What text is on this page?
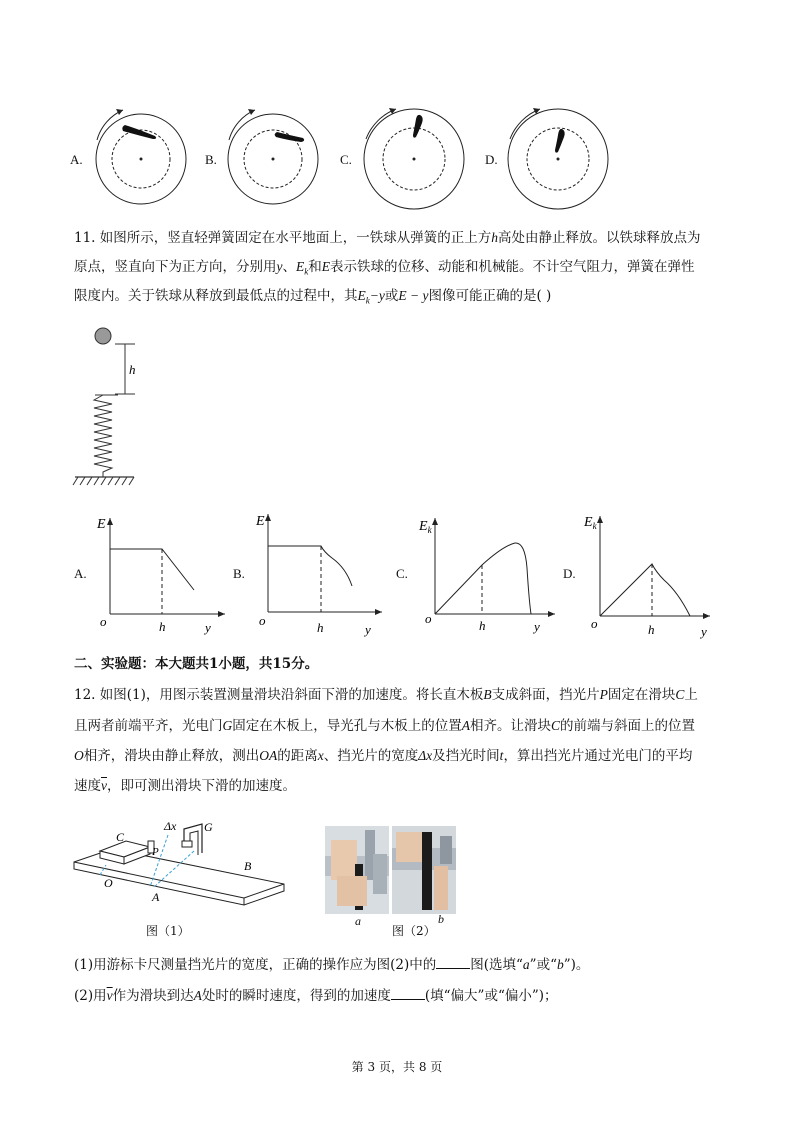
A.	B.	C.	D.
11. 如图所示，竖直轻弹簧固定在水平地面上，一铁球从弹簧的正上方h高处由静止释放。以铁球释放点为
原点，竖直向下为正方向，分别用y、$E_k$和E表示铁球的位移、动能和机械能。不计空气阻力，弹簧在弹性
限度内。关于铁球从释放到最低点的过程中，其$E_k-y$或E − y图像可能正确的是( )
h
A.
E
o	h	y
B.
E
o	h	y
C.
$E_k$
o	h	y
D.
$E_k$
o	h	y
二、实验题：本大题共1小题，共15分。
12. 如图(1)，用图示装置测量滑块沿斜面下滑的加速度。将长直木板B支成斜面，挡光片P固定在滑块C上
且两者前端平齐，光电门G固定在木板上，导光孔与木板上的位置A相齐。让滑块C的前端与斜面上的位置
O相齐，滑块由静止释放，测出OA的距离x、挡光片的宽度Δx及挡光时间t，算出挡光片通过光电门的平均
速度$\overline{v}$，即可测出滑块下滑的加速度。
C
Δx G
P
B
O
A
图（1）
a	b
图（2）
(1)用游标卡尺测量挡光片的宽度，正确的操作应为图(2)中的	图(选填“a”或“b”)。
(2)用$\overline{v}$作为滑块到达A处时的瞬时速度，得到的加速度	(填“偏大”或“偏小”)；
第 3 页，共 8 页
